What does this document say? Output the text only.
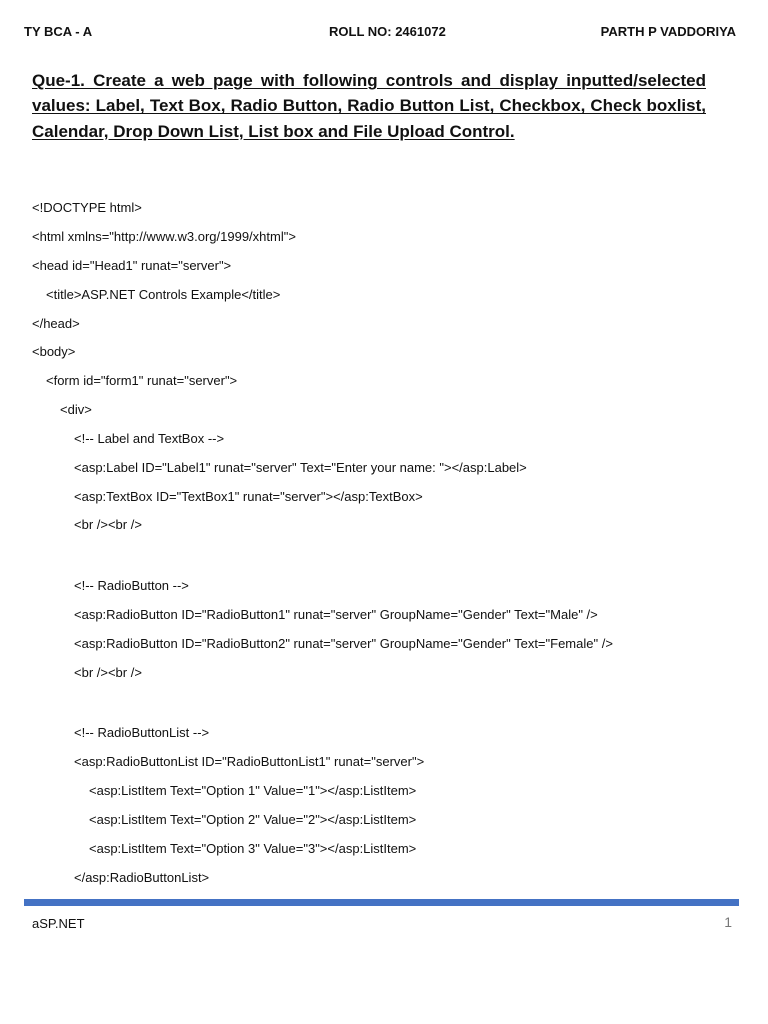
TY BCA - A	ROLL NO: 2461072	PARTH P VADDORIYA
Que-1. Create a web page with following controls and display inputted/selected values: Label, Text Box, Radio Button, Radio Button List, Checkbox, Check boxlist, Calendar, Drop Down List, List box and File Upload Control.
<!DOCTYPE html>
<html xmlns="http://www.w3.org/1999/xhtml">
<head id="Head1" runat="server">
<title>ASP.NET Controls Example</title>
</head>
<body>
<form id="form1" runat="server">
<div>
<!-- Label and TextBox -->
<asp:Label ID="Label1" runat="server" Text="Enter your name: "></asp:Label>
<asp:TextBox ID="TextBox1" runat="server"></asp:TextBox>
<br /><br />
<!-- RadioButton -->
<asp:RadioButton ID="RadioButton1" runat="server" GroupName="Gender" Text="Male" />
<asp:RadioButton ID="RadioButton2" runat="server" GroupName="Gender" Text="Female" />
<br /><br />
<!-- RadioButtonList -->
<asp:RadioButtonList ID="RadioButtonList1" runat="server">
<asp:ListItem Text="Option 1" Value="1"></asp:ListItem>
<asp:ListItem Text="Option 2" Value="2"></asp:ListItem>
<asp:ListItem Text="Option 3" Value="3"></asp:ListItem>
</asp:RadioButtonList>
aSP.NET	1
